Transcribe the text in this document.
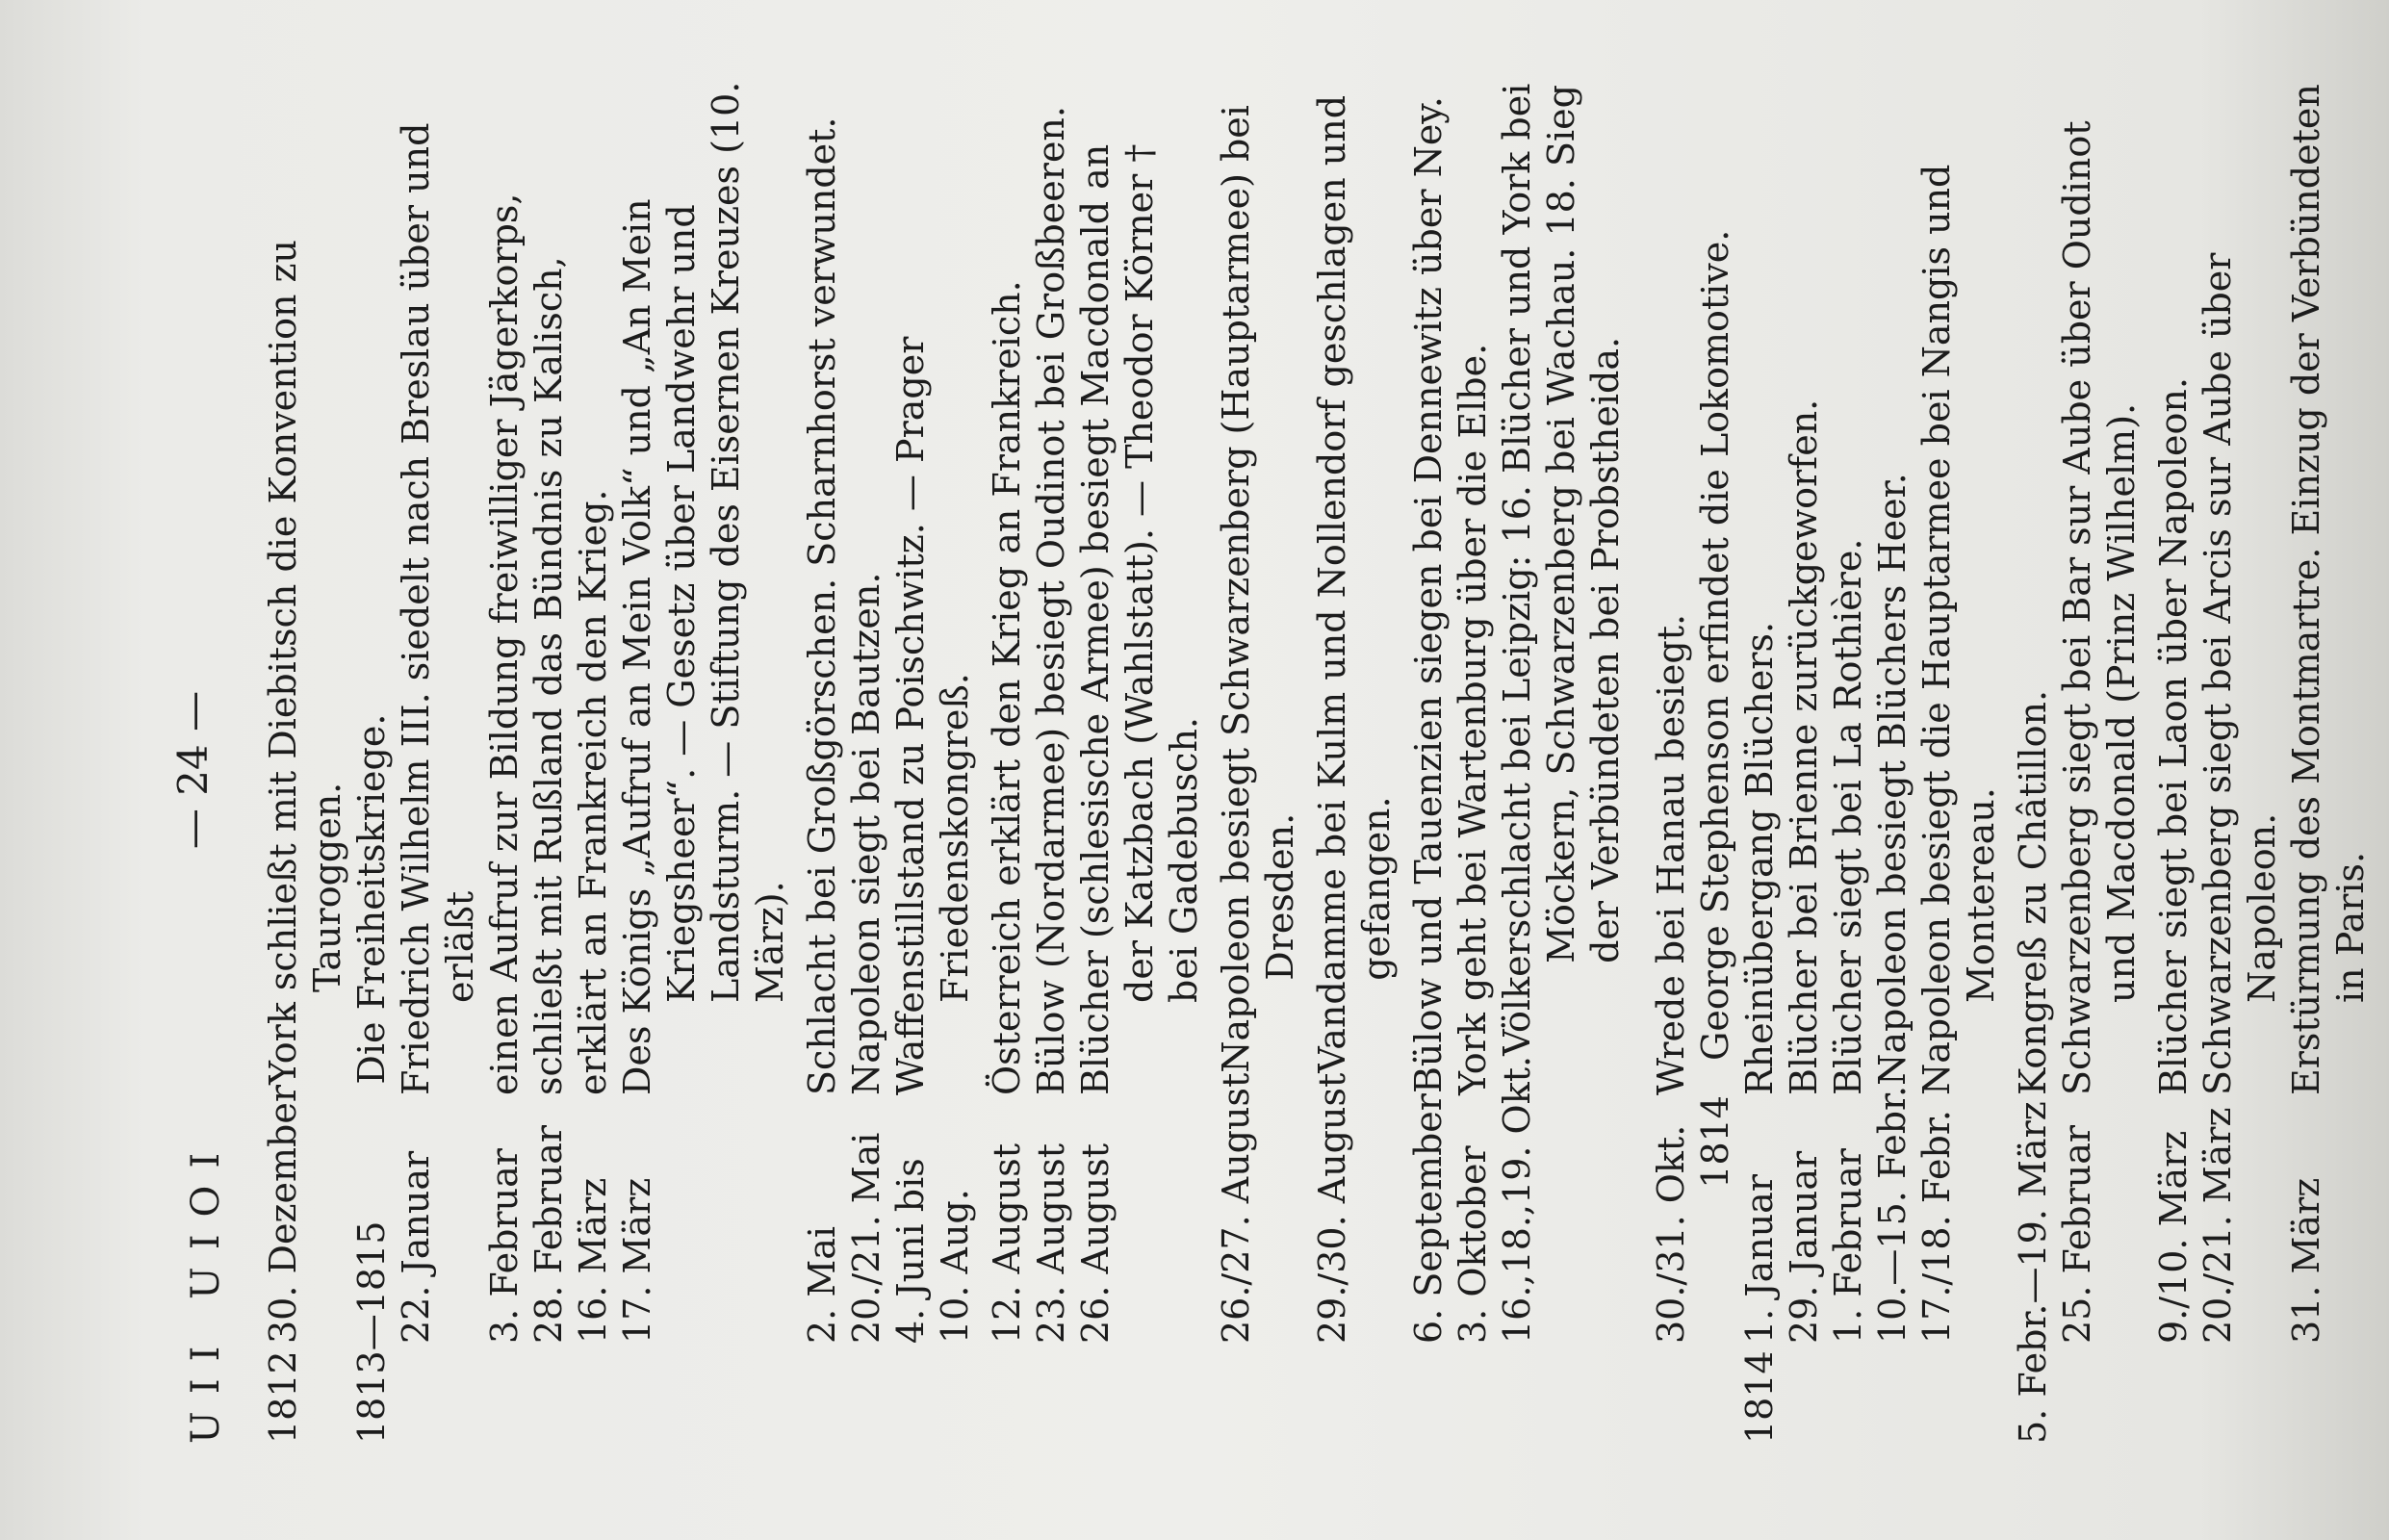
UII UIOI
— 24 —
1812
30. Dezember
York schließt mit Diebitsch die Konvention zu Tauroggen.
1813—1815
Die Freiheitskriege.
22. Januar
Friedrich Wilhelm III. siedelt nach Breslau über und erläßt
3. Februar
einen Aufruf zur Bildung freiwilliger Jägerkorps,
28. Februar
schließt mit Rußland das Bündnis zu Kalisch,
16. März
erklärt an Frankreich den Krieg.
17. März
Des Königs „Aufruf an Mein Volk“ und „An Mein Kriegsheer“. — Gesetz über Landwehr und Landsturm. — Stiftung des Eisernen Kreuzes (10. März).
2. Mai
Schlacht bei Großgörschen. Scharnhorst verwundet.
20./21. Mai
Napoleon siegt bei Bautzen.
4. Juni bis 10. Aug.
Waffenstillstand zu Poischwitz. — Prager Friedenskongreß.
12. August
Österreich erklärt den Krieg an Frankreich.
23. August
Bülow (Nordarmee) besiegt Oudinot bei Großbeeren.
26. August
Blücher (schlesische Armee) besiegt Macdonald an der Katzbach (Wahlstatt). — Theodor Körner † bei Gadebusch.
26./27. August
Napoleon besiegt Schwarzenberg (Hauptarmee) bei Dresden.
29./30. August
Vandamme bei Kulm und Nollendorf geschlagen und gefangen.
6. September
Bülow und Tauenzien siegen bei Dennewitz über Ney.
3. Oktober
York geht bei Wartenburg über die Elbe.
16.,18.,19. Okt.
Völkerschlacht bei Leipzig: 16. Blücher und York bei Möckern, Schwarzenberg bei Wachau. 18. Sieg der Verbündeten bei Probstheida.
30./31. Okt.
Wrede bei Hanau besiegt.
1814
George Stephenson erfindet die Lokomotive.
1814
1. Januar
Rheinübergang Blüchers.
29. Januar
Blücher bei Brienne zurückgeworfen.
1. Februar
Blücher siegt bei La Rothière.
10.—15. Febr.
Napoleon besiegt Blüchers Heer.
17./18. Febr.
Napoleon besiegt die Hauptarmee bei Nangis und Montereau.
5. Febr.—19. März
Kongreß zu Châtillon.
25. Februar
Schwarzenberg siegt bei Bar sur Aube über Oudinot und Macdonald (Prinz Wilhelm).
9./10. März
Blücher siegt bei Laon über Napoleon.
20./21. März
Schwarzenberg siegt bei Arcis sur Aube über Napoleon.
31. März
Erstürmung des Montmartre. Einzug der Verbündeten in Paris.
